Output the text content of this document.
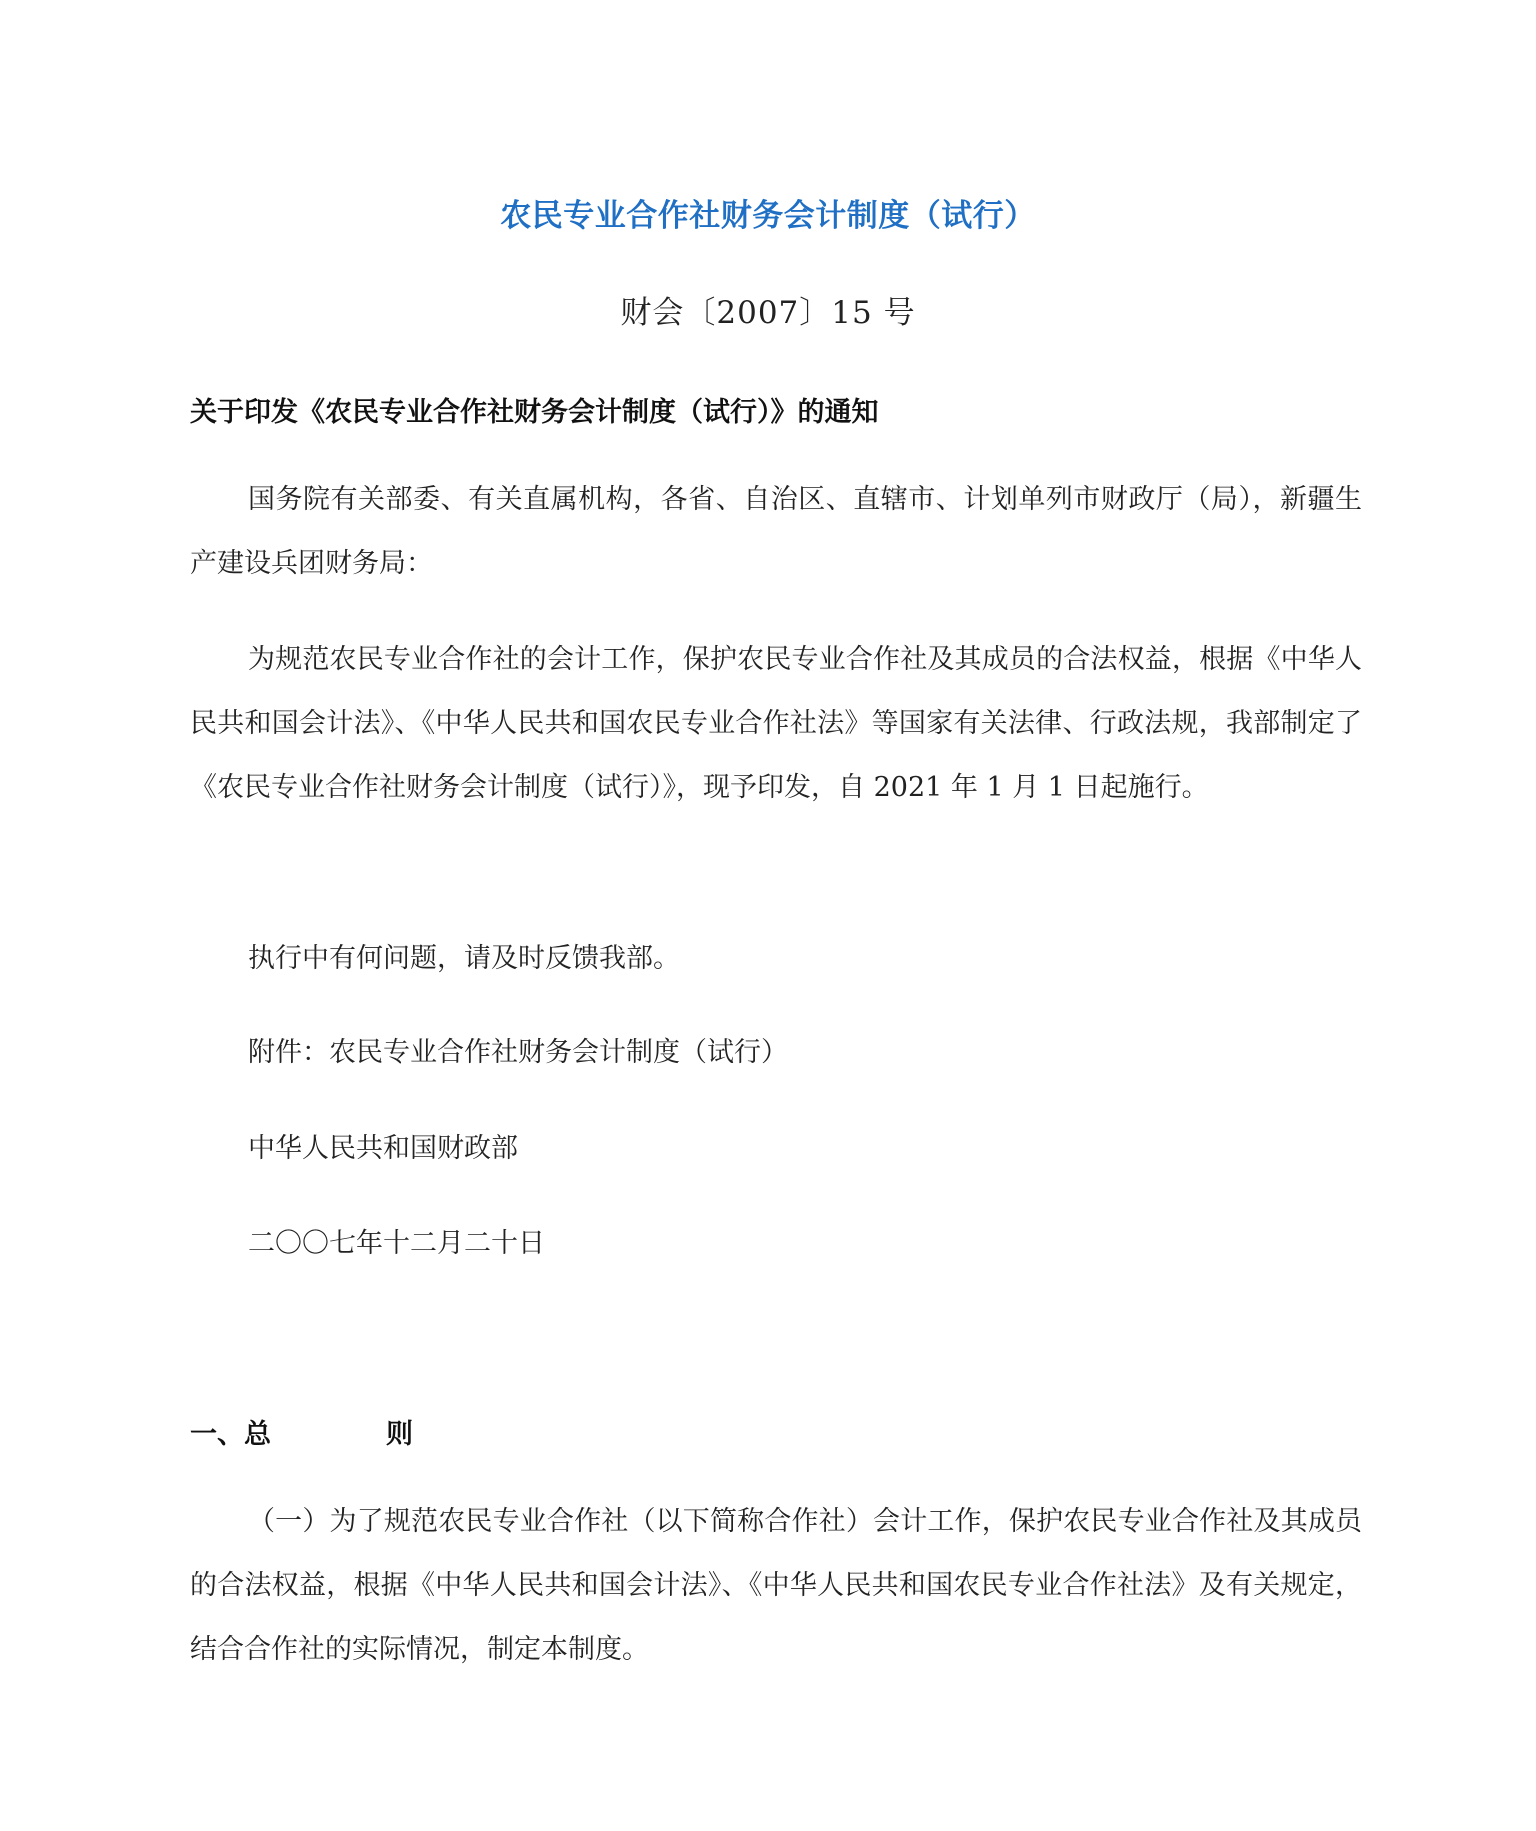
农民专业合作社财务会计制度（试行）
财会〔2007〕15 号
关于印发《农民专业合作社财务会计制度（试行）》的通知
国务院有关部委、有关直属机构，各省、自治区、直辖市、计划单列市财政厅（局），新疆生产建设兵团财务局：
为规范农民专业合作社的会计工作，保护农民专业合作社及其成员的合法权益，根据《中华人民共和国会计法》、《中华人民共和国农民专业合作社法》等国家有关法律、行政法规，我部制定了《农民专业合作社财务会计制度（试行）》，现予印发，自 2021 年 1 月 1 日起施行。
执行中有何问题，请及时反馈我部。
附件：农民专业合作社财务会计制度（试行）
中华人民共和国财政部
二〇〇七年十二月二十日
一、总	则
（一）为了规范农民专业合作社（以下简称合作社）会计工作，保护农民专业合作社及其成员的合法权益，根据《中华人民共和国会计法》、《中华人民共和国农民专业合作社法》及有关规定，结合合作社的实际情况，制定本制度。
